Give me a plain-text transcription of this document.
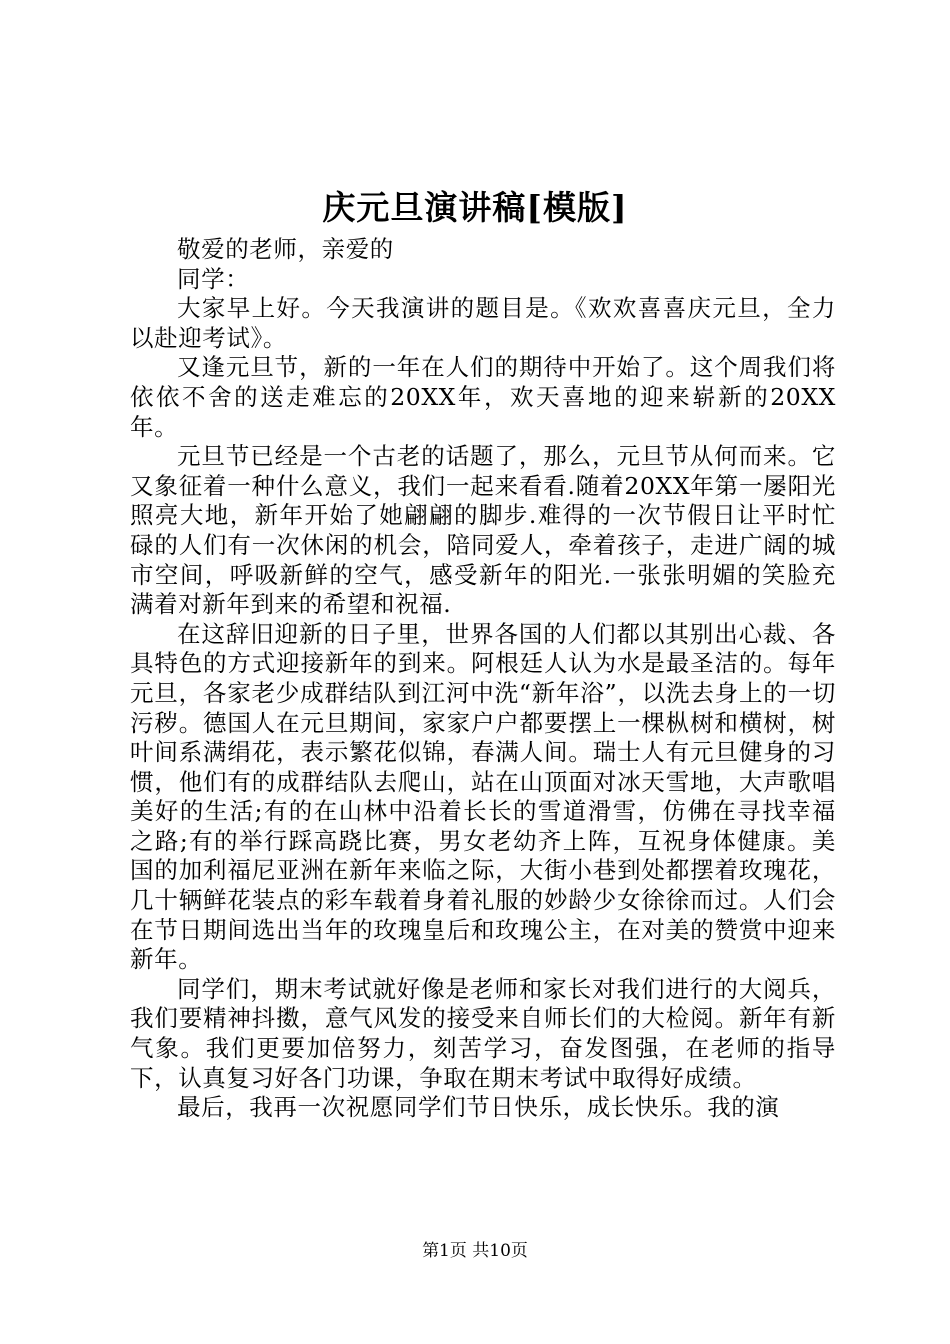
庆元旦演讲稿[模版]

敬爱的老师，亲爱的

同学：

大家早上好。今天我演讲的题目是。《欢欢喜喜庆元旦，全力以赴迎考试》。

又逢元旦节，新的一年在人们的期待中开始了。这个周我们将依依不舍的送走难忘的20XX年，欢天喜地的迎来崭新的20XX年。

元旦节已经是一个古老的话题了，那么，元旦节从何而来。它又象征着一种什么意义，我们一起来看看.随着20XX年第一屡阳光照亮大地，新年开始了她翩翩的脚步.难得的一次节假日让平时忙碌的人们有一次休闲的机会，陪同爱人，牵着孩子，走进广阔的城市空间，呼吸新鲜的空气，感受新年的阳光.一张张明媚的笑脸充满着对新年到来的希望和祝福.

在这辞旧迎新的日子里，世界各国的人们都以其别出心裁、各具特色的方式迎接新年的到来。阿根廷人认为水是最圣洁的。每年元旦，各家老少成群结队到江河中洗“新年浴”，以洗去身上的一切污秽。德国人在元旦期间，家家户户都要摆上一棵枞树和横树，树叶间系满绢花，表示繁花似锦，春满人间。瑞士人有元旦健身的习惯，他们有的成群结队去爬山，站在山顶面对冰天雪地，大声歌唱美好的生活;有的在山林中沿着长长的雪道滑雪，仿佛在寻找幸福之路;有的举行踩高跷比赛，男女老幼齐上阵，互祝身体健康。美国的加利福尼亚洲在新年来临之际，大街小巷到处都摆着玫瑰花，几十辆鲜花装点的彩车载着身着礼服的妙龄少女徐徐而过。人们会在节日期间选出当年的玫瑰皇后和玫瑰公主，在对美的赞赏中迎来新年。

同学们，期末考试就好像是老师和家长对我们进行的大阅兵，我们要精神抖擞，意气风发的接受来自师长们的大检阅。新年有新气象。我们更要加倍努力，刻苦学习，奋发图强，在老师的指导下，认真复习好各门功课，争取在期末考试中取得好成绩。

最后，我再一次祝愿同学们节日快乐，成长快乐。我的演

第1页 共10页
